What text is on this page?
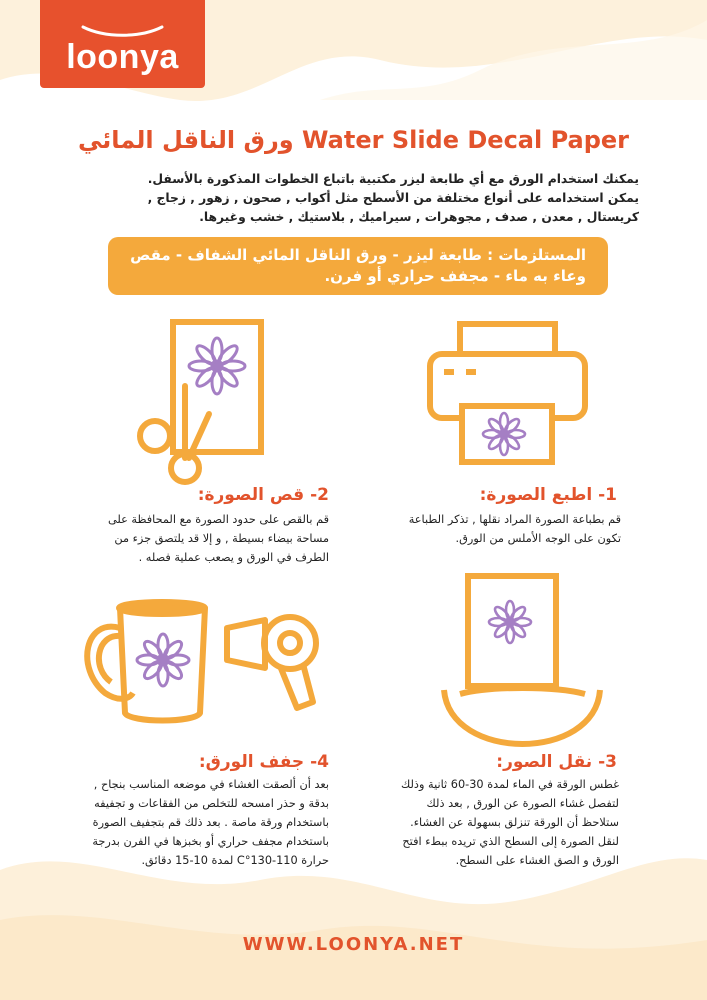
loonya
ورق الناقل المائي Water Slide Decal Paper
يمكنك استخدام الورق مع أي طابعة ليزر مكتبية باتباع الخطوات المذكورة بالأسفل.
يمكن استخدامه على أنواع مختلفة من الأسطح مثل أكواب , صحون , زهور , زجاج ,
كريستال , معدن , صدف , مجوهرات , سيراميك , بلاستيك , خشب وغيرها.
المستلزمات : طابعة ليزر - ورق الناقل المائي الشفاف - مقص
وعاء به ماء - مجفف حراري أو فرن.
2- قص الصورة:
قم بالقص على حدود الصورة مع المحافظة على
مساحة بيضاء بسيطة , و إلا قد يلتصق جزء من
الطرف في الورق و يصعب عملية فصله .
1- اطبع الصورة:
قم بطباعة الصورة المراد نقلها , تذكر الطباعة
تكون على الوجه الأملس من الورق.
4- جفف الورق:
بعد أن ألصقت الغشاء في موضعه المناسب بنجاح ,
بدقة و حذر امسحه للتخلص من الفقاعات و تجفيفه
باستخدام ورقة ماصة . بعد ذلك قم بتجفيف الصورة
باستخدام مجفف حراري أو بخبزها في الفرن بدرجة
حرارة 110-130°C لمدة 10-15 دقائق.
3- نقل الصور:
غطس الورقة في الماء لمدة 30-60 ثانية وذلك
لتفصل غشاء الصورة عن الورق , بعد ذلك
ستلاحظ أن الورقة تنزلق بسهولة عن الغشاء.
لنقل الصورة إلى السطح الذي تريده ببطء افتح
الورق و الصق الغشاء على السطح.
WWW.LOONYA.NET
